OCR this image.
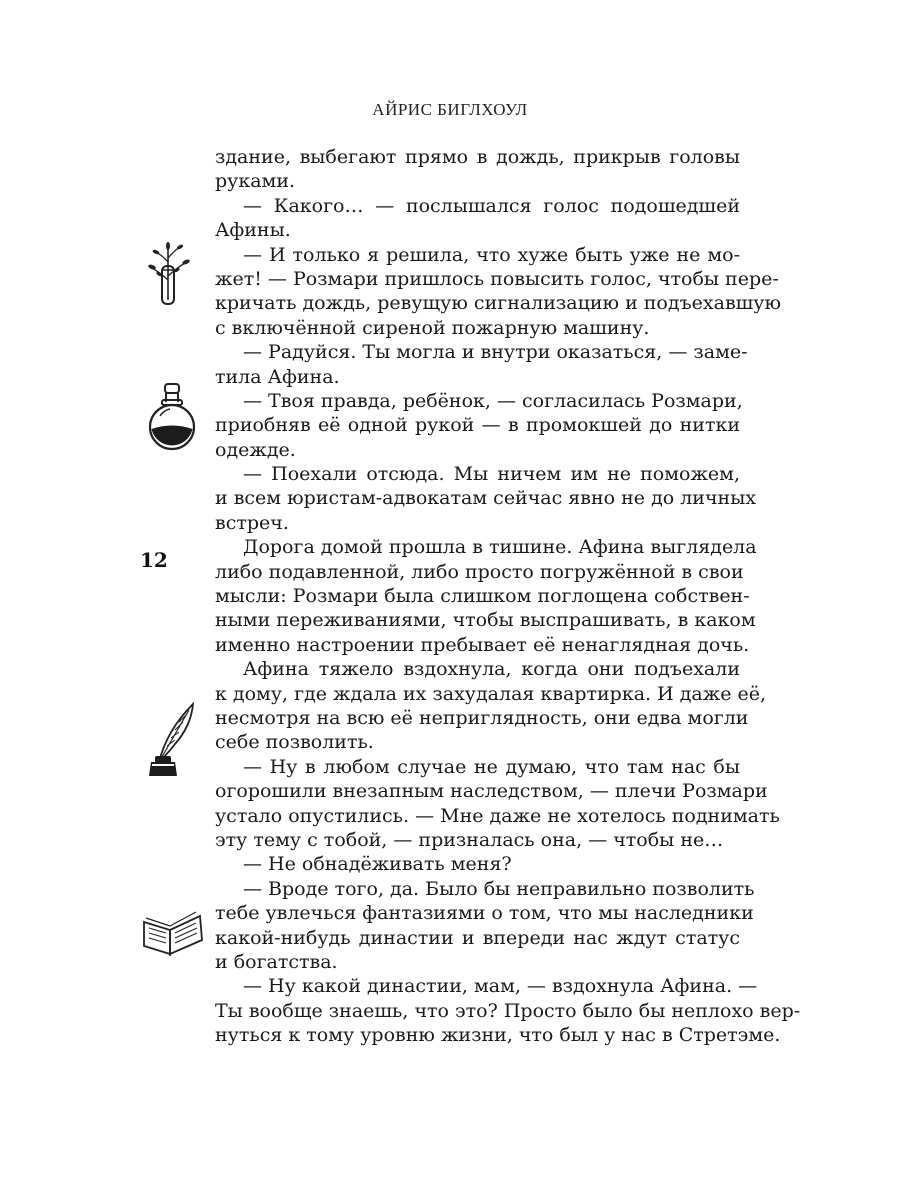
АЙРИС БИГЛХОУЛ
12
здание, выбегают прямо в дождь, прикрыв головы
руками.
— Какого… — послышался голос подошедшей
Афины.
— И только я решила, что хуже быть уже не мо-
жет! — Розмари пришлось повысить голос, чтобы пере-
кричать дождь, ревущую сигнализацию и подъехавшую
с включённой сиреной пожарную машину.
— Радуйся. Ты могла и внутри оказаться, — заме-
тила Афина.
— Твоя правда, ребёнок, — согласилась Розмари,
приобняв её одной рукой — в промокшей до нитки
одежде.
— Поехали отсюда. Мы ничем им не поможем,
и всем юристам-адвокатам сейчас явно не до личных
встреч.
Дорога домой прошла в тишине. Афина выглядела
либо подавленной, либо просто погружённой в свои
мысли: Розмари была слишком поглощена собствен-
ными переживаниями, чтобы выспрашивать, в каком
именно настроении пребывает её ненаглядная дочь.
Афина тяжело вздохнула, когда они подъехали
к дому, где ждала их захудалая квартирка. И даже её,
несмотря на всю её неприглядность, они едва могли
себе позволить.
— Ну в любом случае не думаю, что там нас бы
огорошили внезапным наследством, — плечи Розмари
устало опустились. — Мне даже не хотелось поднимать
эту тему с тобой, — призналась она, — чтобы не…
— Не обнадёживать меня?
— Вроде того, да. Было бы неправильно позволить
тебе увлечься фантазиями о том, что мы наследники
какой-нибудь династии и впереди нас ждут статус
и богатства.
— Ну какой династии, мам, — вздохнула Афина. —
Ты вообще знаешь, что это? Просто было бы неплохо вер-
нуться к тому уровню жизни, что был у нас в Стретэме.
